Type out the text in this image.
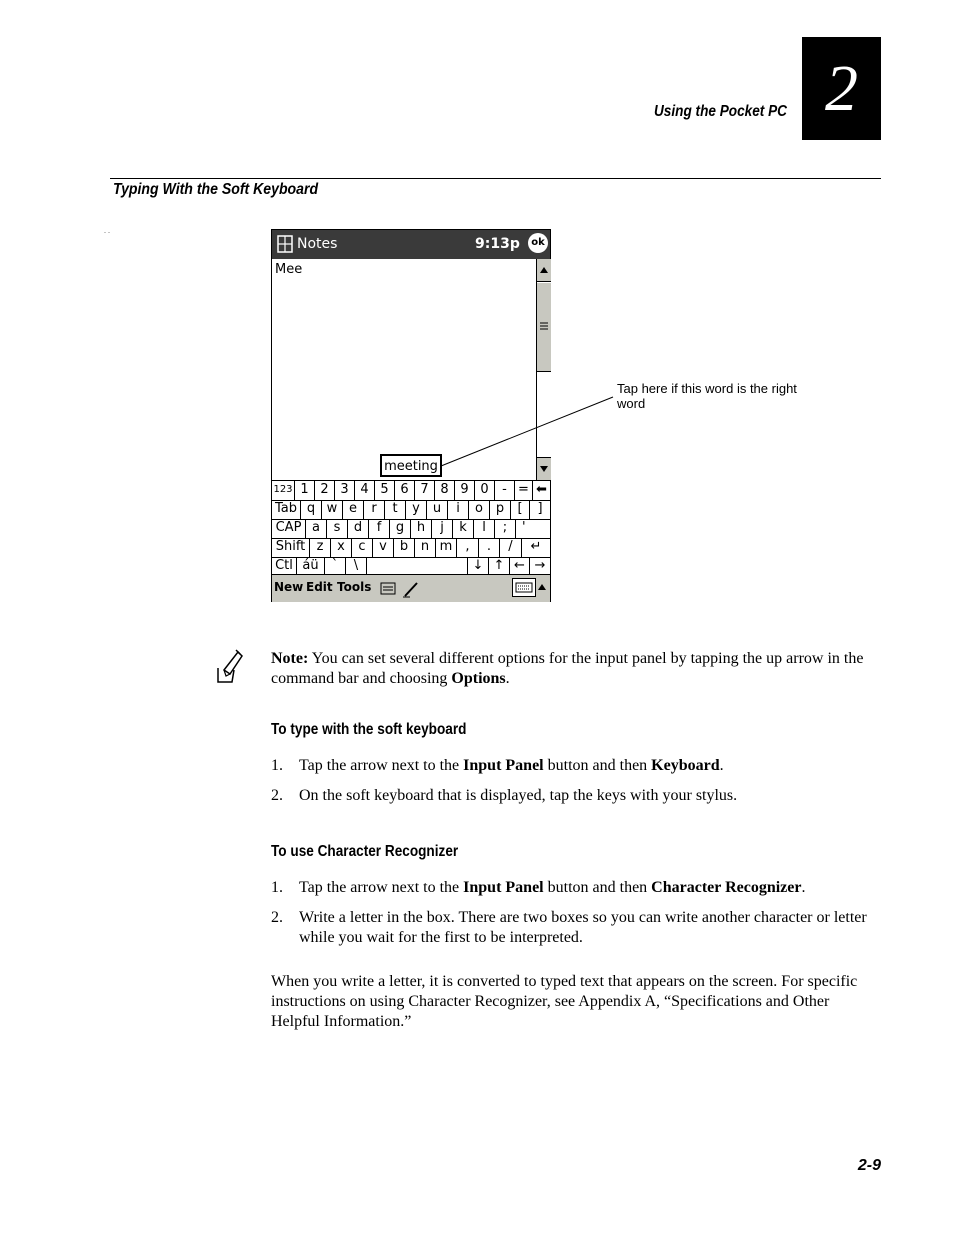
Using the Pocket PC 2
Typing With the Soft Keyboard
. .
Notes	9:13p	ok
Mee
meeting
123 1 2 3 4 5 6 7 8 9 0	- = ⬅
Tab q w e	r	t	y	u	i	o p	[	]
CAP a	s	d	f	g h	j	k	l	;	'
Shift z	x	c	v	b n m	,	.	/	↵
Ctl áü	`	\	↓ ↑ ← →
New Edit Tools
Tap here if this word is the right word
Note: You can set several different options for the input panel by tapping the up arrow in the command bar and choosing Options.
To type with the soft keyboard
1. Tap the arrow next to the Input Panel button and then Keyboard.
2. On the soft keyboard that is displayed, tap the keys with your stylus.
To use Character Recognizer
1. Tap the arrow next to the Input Panel button and then Character Recognizer.
2. Write a letter in the box. There are two boxes so you can write another character or letter while you wait for the first to be interpreted.
When you write a letter, it is converted to typed text that appears on the screen. For specific instructions on using Character Recognizer, see Appendix A, “Specifications and Other Helpful Information.”
2-9
